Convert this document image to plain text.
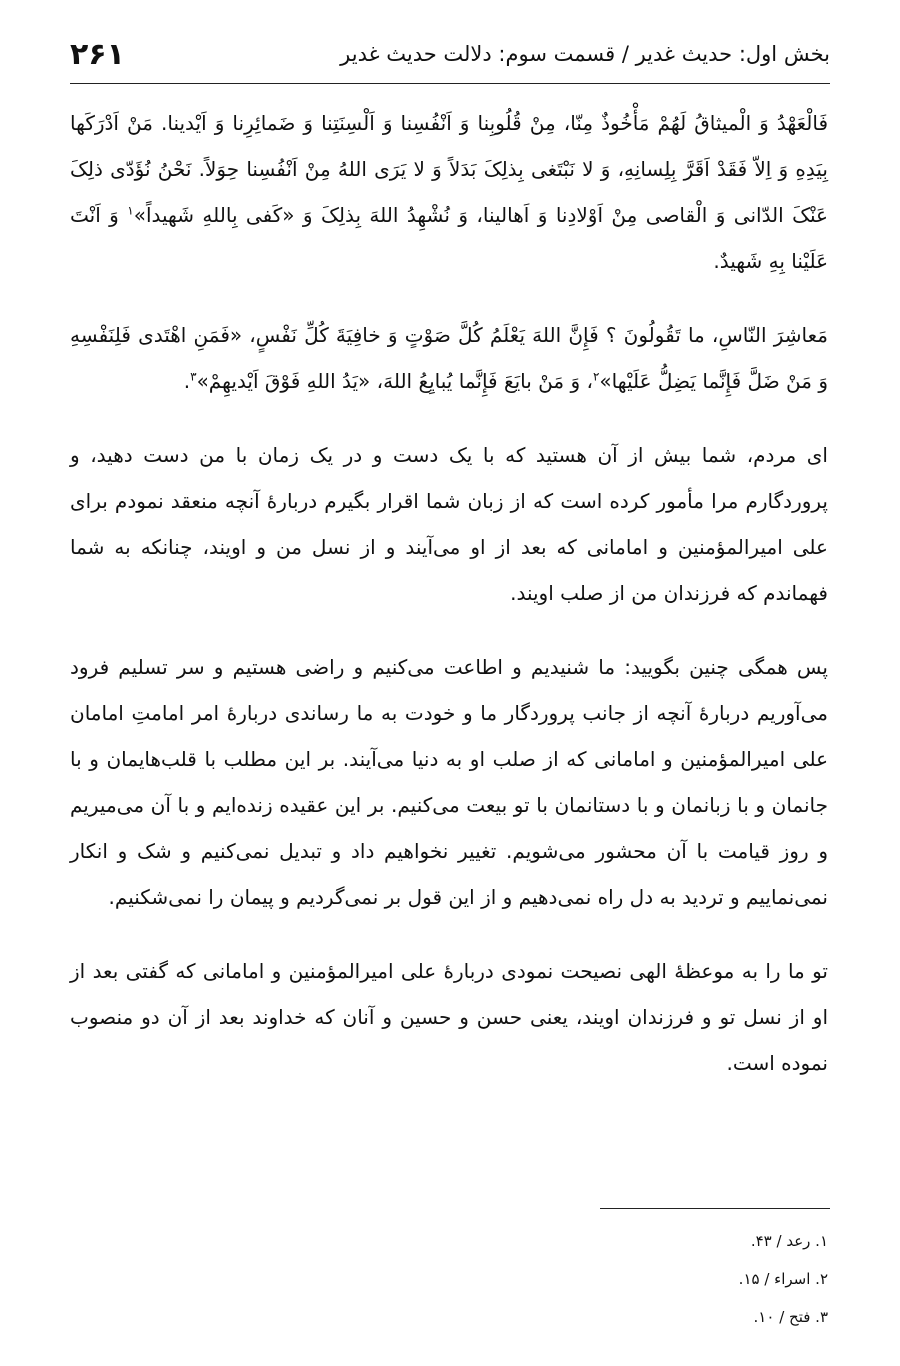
بخش اول: حدیث غدیر / قسمت سوم: دلالت حدیث غدیر
۲۶۱

فَالْعَهْدُ وَ الْمیثاقُ لَهُمْ مَأْخُوذٌ مِنّا، مِنْ قُلُوبِنا وَ اَنْفُسِنا وَ اَلْسِنَتِنا وَ ضَمائِرِنا وَ اَیْدینا. مَنْ اَدْرَکَها بِیَدِهِ وَ اِلاّ فَقَدْ اَقَرَّ بِلِسانِهِ، وَ لا نَبْتَغی بِذلِکَ بَدَلاً وَ لا یَرَی اللهُ مِنْ اَنْفُسِنا حِوَلاً. نَحْنُ نُؤَدّی ذلِکَ عَنْکَ الدّانی وَ الْقاصی مِنْ اَوْلادِنا وَ اَهالینا، وَ نُشْهِدُ اللهَ بِذلِکَ وَ «کَفی بِاللهِ شَهیداً»$^۱$ وَ اَنْتَ عَلَیْنا بِهِ شَهیدٌ.

مَعاشِرَ النّاسِ، ما تَقُولُونَ ؟ فَإِنَّ اللهَ یَعْلَمُ کُلَّ صَوْتٍ وَ خافِیَةَ کُلِّ نَفْسٍ، «فَمَنِ اهْتَدی فَلِنَفْسِهِ وَ مَنْ ضَلَّ فَإِنَّما یَضِلُّ عَلَیْها»$^۲$، وَ مَنْ بایَعَ فَإِنَّما یُبایِعُ اللهَ، «یَدُ اللهِ فَوْقَ اَیْدیهِمْ»$^۳$.

ای مردم، شما بیش از آن هستید که با یک دست و در یک زمان با من دست دهید، و پروردگارم مرا مأمور کرده است که از زبان شما اقرار بگیرم دربارۀ آنچه منعقد نمودم برای علی امیرالمؤمنین و امامانی که بعد از او می‌آیند و از نسل من و اویند، چنانکه به شما فهماندم که فرزندان من از صلب اویند.

پس همگی چنین بگویید: ما شنیدیم و اطاعت می‌کنیم و راضی هستیم و سر تسلیم فرود می‌آوریم دربارۀ آنچه از جانب پروردگار ما و خودت به ما رساندی دربارۀ امر امامتِ امامان علی امیرالمؤمنین و امامانی که از صلب او به دنیا می‌آیند. بر این مطلب با قلب‌هایمان و با جانمان و با زبانمان و با دستانمان با تو بیعت می‌کنیم. بر این عقیده زنده‌ایم و با آن می‌میریم و روز قیامت با آن محشور می‌شویم. تغییر نخواهیم داد و تبدیل نمی‌کنیم و شک و انکار نمی‌نماییم و تردید به دل راه نمی‌دهیم و از این قول بر نمی‌گردیم و پیمان را نمی‌شکنیم.

تو ما را به موعظۀ الهی نصیحت نمودی دربارۀ علی امیرالمؤمنین و امامانی که گفتی بعد از او از نسل تو و فرزندان اویند، یعنی حسن و حسین و آنان که خداوند بعد از آن دو منصوب نموده است.

۱. رعد / ۴۳.
۲. اسراء / ۱۵.
۳. فتح / ۱۰.
